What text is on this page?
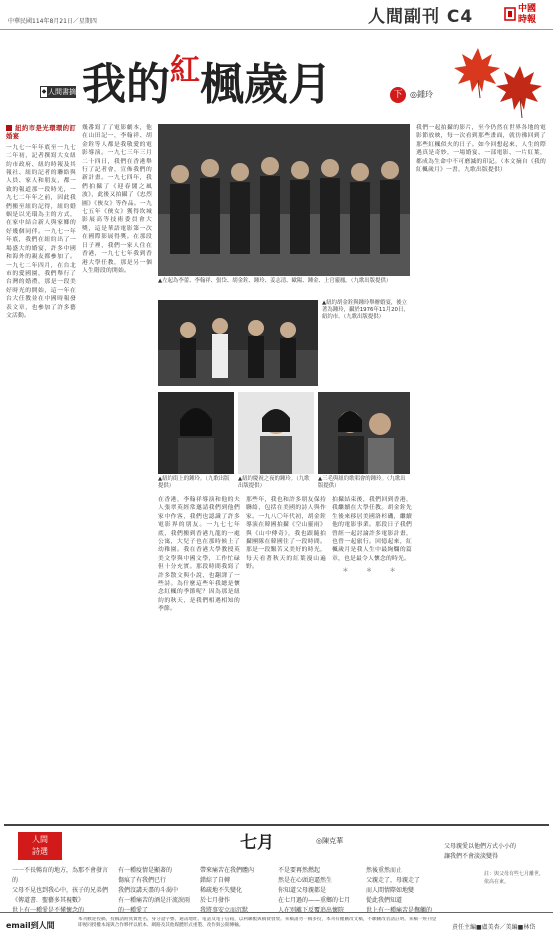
中華民國114年8月21日／星期四	人間副刊 C4	中國
時報
◆ 人間書摘 我的紅楓歲月	下 ◎鍾玲
紐約市是光環環的訂婚宴
一九七一年年底至一九七二年初，記者撰寫大女紐約市政府、紐約時報及其報社、紐約記者的聯絡與人員、家人和朋友，都一致的報道那一段時光，一九七二年年之前，因此我們搬至紐約記得，紐約婚姻是以光環為主的方式，在家中結合新人與家鄉的好幾個同伴。一九七一年年底，我們在紐約出了一場盛大的婚宴，許多中國和海外的親友都參加了。一九七二年四月，在台北市的愛國園，我們舉行了台灣的婚禮，那是一段美好時光的開始，這一年在台大任教並在中國時報發表文章，也參加了許多藝文活動。
幾番寫了了電影劇本，他在山田記一，李翰祥、胡金銓等人都是我敬愛的電影導演。一九七三年三月二十四日，我們在香港舉行了記者會，宣佈我們的新計畫。一九七四年，我們拍攝了《迎春閣之風波》，此後又拍攝了《忠烈圖》《俠女》等作品。一九七五年《俠女》獲得坎城影展高等技術委員會大獎，這是華語電影第一次在國際影展得獎。在那段日子裡，我們一家人住在香港，一九七七年我到香港大學任教，那是另一個人生階段的開始。
▲左起為李蕾、李翰祥、張岱、胡金銓、鍾玲、姜志清、歐陽、鍾金、上官靈鳳。（九歌出版提供）
我們一起拍攝的影片，至今仍然在世界各地的電影節放映，每一次看到那些畫面，就彷彿回到了那些紅楓似火的日子。如今回想起來，人生的際遇真是奇妙，一場婚宴、一部電影、一片紅葉，都成為生命中不可磨滅的印記。（本文摘自《我的紅楓歲月》一書，九歌出版提供）
▲紐約胡金銓與鍾玲舉辦婚宴，後立著為鍾玲，攝於1976年11月20日，紐約市。（九歌出版提供）
▲紐約街上的鍾玲。（九歌出版提供）
▲紐約慶祝之夜的鍾玲。（九歌出版提供）
▲三毛與紐約歌唱會的鍾玲。（九歌出版提供）
在香港，李翰祥導演和他的夫人張翠英經常邀請我們到他們家中作客，我們也認識了許多電影界的朋友。一九七七年底，我們搬到香港九龍的一處公寓，大兒子也在那時候上了幼稚園。我在香港大學教授英美文學與中國文學，工作忙碌但十分充實。那段時間我寫了許多散文與小說，也翻譯了一些詩。為什麼這些年我總是懷念紅楓的季節呢？因為那是紐約的秋天，是我們相遇相知的季節。
那些年，我也和許多朋友保持聯絡，包括在美國的詩人與作家。一九八〇年代初，胡金銓導演在韓國拍攝《空山靈雨》與《山中傳奇》，我也跟隨拍攝團隊在韓國住了一段時間。那是一段艱苦又美好的時光，每天看著秋天的紅葉漫山遍野。
拍攝結束後，我們回到香港，我繼續在大學任教。胡金銓先生後來移居美國洛杉磯，繼續他的電影事業。那段日子我們曾經一起討論許多電影計畫，也曾一起旅行。回憶起來，紅楓歲月是我人生中最絢爛的篇章，也是最令人懷念的時光。
＊　＊　＊
人間
詩選	七月	◎陳克華
一一不長暢育的地方，為那不會發言的
父母不見也到我心中，孩子的兄弟們
《傳道書．聖藝多其視數》
世上有一種愛是不懂懷念的
有一種疫情是顯著的
傷痕了有我們已行
我們沒講天盡的斗渴中
有一種痛苦的酒是汗流淚雨
的一種愛了
帶來痛苦在我們體內
錯綜了自轉
稀疏地不失變化
於七月發作
我將事安立而沉默
不是要再然燃起
然是在心頭迫逼然生
你知道父母親都是
在七月過的——重鄉的七月
人在別離下反覆追出懷院
然後重然而止
父親走了，母親走了
而人間情際如地變
從此我們知道
世上有一種痛苦是撫觸的
父母親愛以他們方式小小的
讓我們不會淡淡變得
註：與父母有些七月離世，依高在東。
email到人間
本刊歡迎投稿，投稿請附真實姓名、身分證字號、通訊地址、電話及電子信箱，以利聯繫與稿費發放。來稿請勿一稿多投，本刊有權刪改文稿，不願刪改者請註明。來稿一經刊登即視同授權本報與合作夥伴以紙本、網路及其他媒體形式重製、改作與公開傳輸。	責任主編■盧美杏／美編■林岱
